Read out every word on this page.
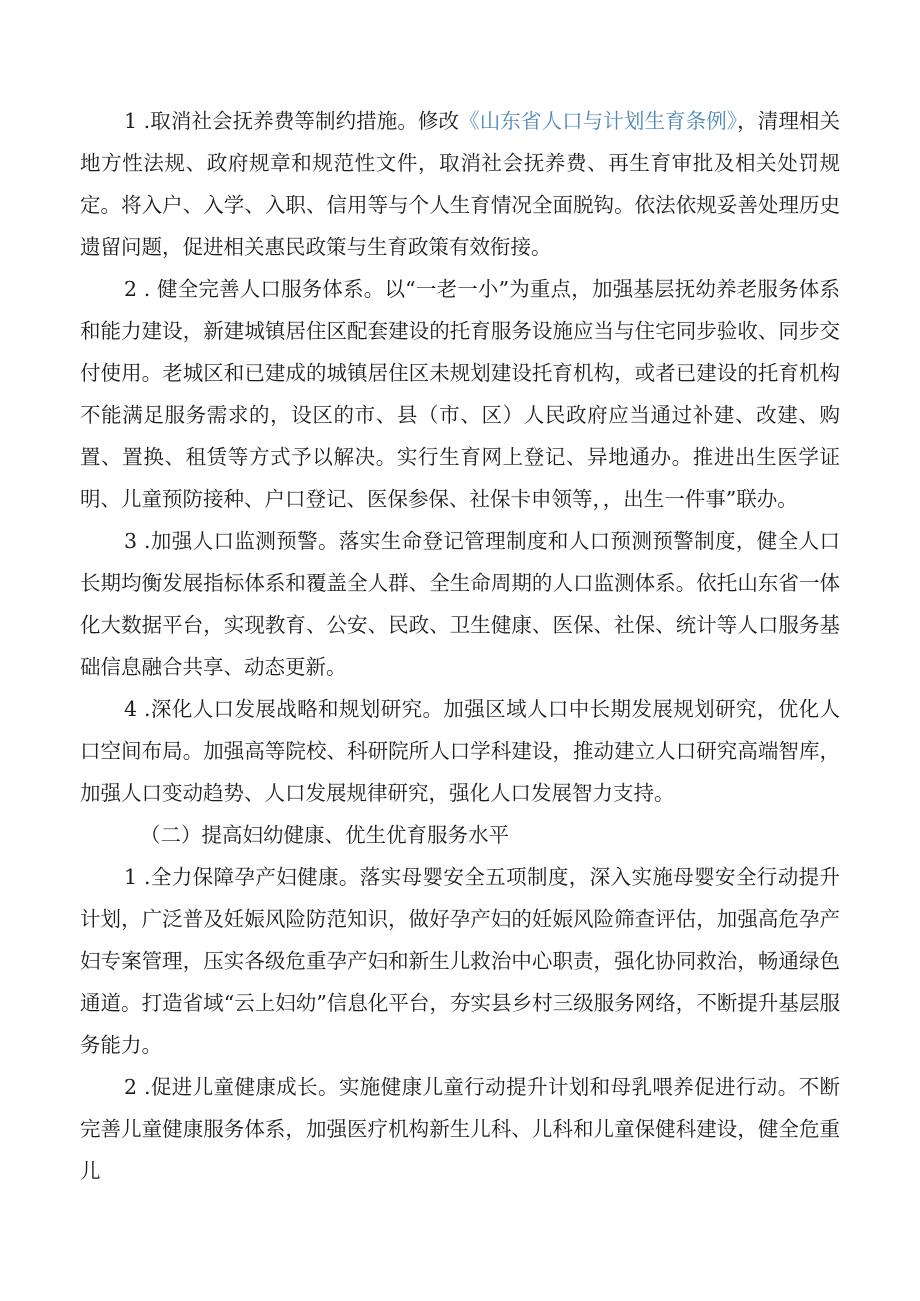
1 .取消社会抚养费等制约措施。修改《山东省人口与计划生育条例》，清理相关地方性法规、政府规章和规范性文件，取消社会抚养费、再生育审批及相关处罚规定。将入户、入学、入职、信用等与个人生育情况全面脱钩。依法依规妥善处理历史遗留问题，促进相关惠民政策与生育政策有效衔接。

2 . 健全完善人口服务体系。以“一老一小”为重点，加强基层抚幼养老服务体系和能力建设，新建城镇居住区配套建设的托育服务设施应当与住宅同步验收、同步交付使用。老城区和已建成的城镇居住区未规划建设托育机构，或者已建设的托育机构不能满足服务需求的，设区的市、县（市、区）人民政府应当通过补建、改建、购置、置换、租赁等方式予以解决。实行生育网上登记、异地通办。推进出生医学证明、儿童预防接种、户口登记、医保参保、社保卡申领等，，出生一件事”联办。

3 .加强人口监测预警。落实生命登记管理制度和人口预测预警制度，健全人口长期均衡发展指标体系和覆盖全人群、全生命周期的人口监测体系。依托山东省一体化大数据平台，实现教育、公安、民政、卫生健康、医保、社保、统计等人口服务基础信息融合共享、动态更新。

4 .深化人口发展战略和规划研究。加强区域人口中长期发展规划研究，优化人口空间布局。加强高等院校、科研院所人口学科建设，推动建立人口研究高端智库，加强人口变动趋势、人口发展规律研究，强化人口发展智力支持。

（二）提高妇幼健康、优生优育服务水平

1 .全力保障孕产妇健康。落实母婴安全五项制度，深入实施母婴安全行动提升计划，广泛普及妊娠风险防范知识，做好孕产妇的妊娠风险筛查评估，加强高危孕产妇专案管理，压实各级危重孕产妇和新生儿救治中心职责，强化协同救治，畅通绿色通道。打造省域“云上妇幼”信息化平台，夯实县乡村三级服务网络，不断提升基层服务能力。

2 .促进儿童健康成长。实施健康儿童行动提升计划和母乳喂养促进行动。不断完善儿童健康服务体系，加强医疗机构新生儿科、儿科和儿童保健科建设，健全危重儿
